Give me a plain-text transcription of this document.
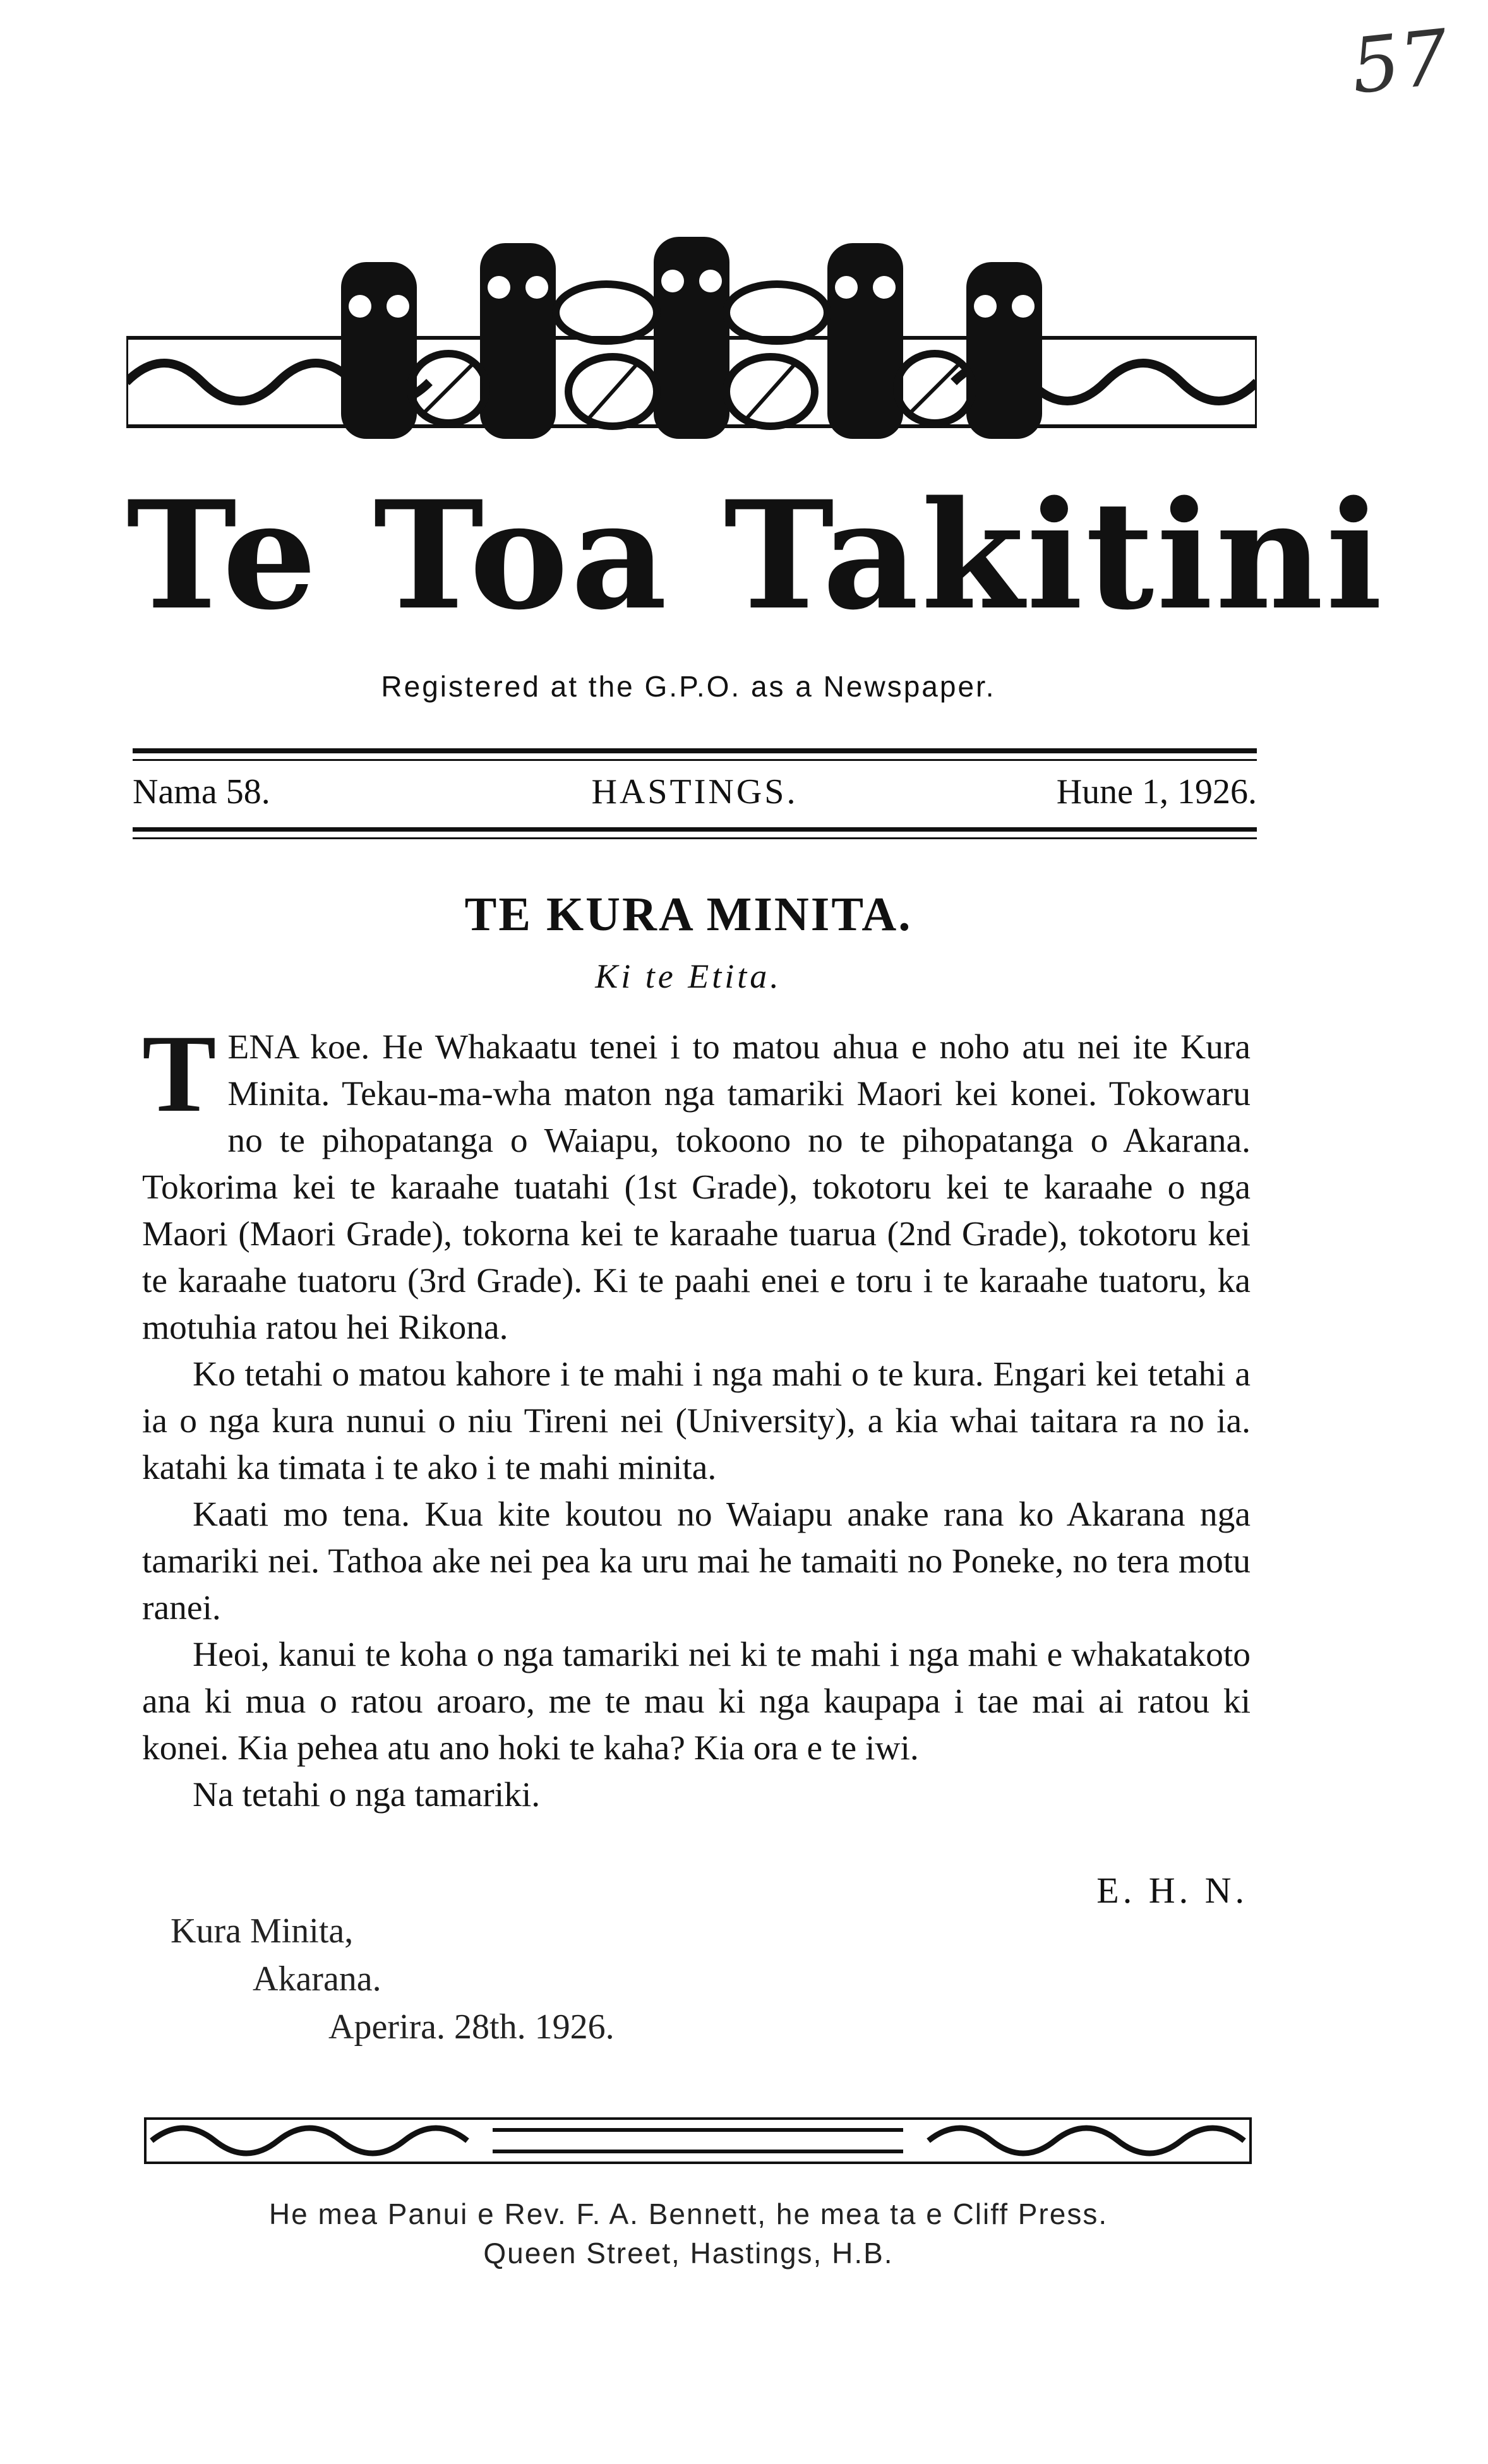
57
Te Toa Takitini
Registered at the G.P.O. as a Newspaper.
Nama 58.	HASTINGS.	Hune 1, 1926.
TE KURA MINITA.
Ki te Etita.

TENA koe. He Whakaatu tenei i to matou ahua e noho atu nei ite Kura Minita. Tekau-ma-wha maton nga tamariki Maori kei konei. Tokowaru no te pihopatanga o Waiapu, tokoono no te pihopatanga o Akarana. Tokorima kei te karaahe tuatahi (1st Grade), tokotoru kei te karaahe o nga Maori (Maori Grade), tokorna kei te karaahe tuarua (2nd Grade), tokotoru kei te karaahe tuatoru (3rd Grade). Ki te paahi enei e toru i te karaahe tuatoru, ka motuhia ratou hei Rikona.

Ko tetahi o matou kahore i te mahi i nga mahi o te kura. Engari kei tetahi a ia o nga kura nunui o niu Tireni nei (University), a kia whai taitara ra no ia. katahi ka timata i te ako i te mahi minita.

Kaati mo tena. Kua kite koutou no Waiapu anake rana ko Akarana nga tamariki nei. Tathoa ake nei pea ka uru mai he tamaiti no Poneke, no tera motu ranei.

Heoi, kanui te koha o nga tamariki nei ki te mahi i nga mahi e whakatakoto ana ki mua o ratou aroaro, me te mau ki nga kaupapa i tae mai ai ratou ki konei. Kia pehea atu ano hoki te kaha? Kia ora e te iwi.

Na tetahi o nga tamariki.

E. H. N.
Kura Minita,
Akarana.
Aperira. 28th. 1926.
He mea Panui e Rev. F. A. Bennett, he mea ta e Cliff Press.
Queen Street, Hastings, H.B.
